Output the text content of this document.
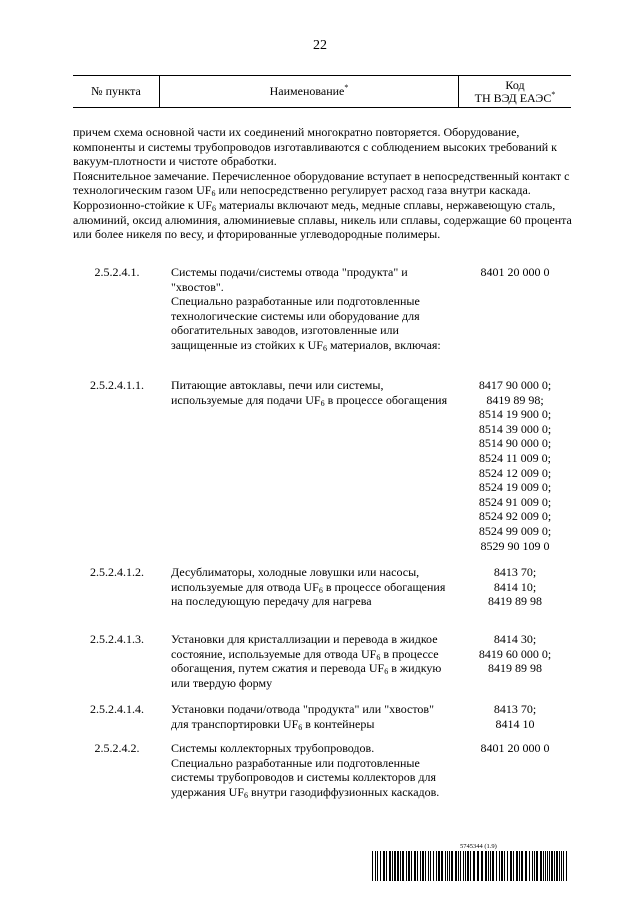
22
№ пункта	Наименование*	Код
ТН ВЭД ЕАЭС*

причем схема основной части их соединений многократно повторяется. Оборудование, компоненты и системы трубопроводов изготавливаются с соблюдением высоких требований к вакуум-плотности и чистоте обработки.

Пояснительное замечание. Перечисленное оборудование вступает в непосредственный контакт с технологическим газом $UF_6$ или непосредственно регулирует расход газа внутри каскада. Коррозионно-стойкие к $UF_6$ материалы включают медь, медные сплавы, нержавеющую сталь, алюминий, оксид алюминия, алюминиевые сплавы, никель или сплавы, содержащие 60 процента или более никеля по весу, и фторированные углеводородные полимеры.

2.5.2.4.1.	Системы подачи/системы отвода "продукта" и "хвостов".
Специально разработанные или подготовленные технологические системы или оборудование для обогатительных заводов, изготовленные или защищенные из стойких к $UF_6$ материалов, включая:
8401 20 000 0
2.5.2.4.1.1.	Питающие автоклавы, печи или системы, используемые для подачи $UF_6$ в процессе обогащения
8417 90 000 0;
8419 89 98;
8514 19 900 0;
8514 39 000 0;
8514 90 000 0;
8524 11 009 0;
8524 12 009 0;
8524 19 009 0;
8524 91 009 0;
8524 92 009 0;
8524 99 009 0;
8529 90 109 0
2.5.2.4.1.2.	Десублиматоры, холодные ловушки или насосы, используемые для отвода $UF_6$ в процессе обогащения на последующую передачу для нагрева
8413 70;
8414 10;
8419 89 98
2.5.2.4.1.3.	Установки для кристаллизации и перевода в жидкое состояние, используемые для отвода $UF_6$ в процессе обогащения, путем сжатия и перевода $UF_6$ в жидкую или твердую форму
8414 30;
8419 60 000 0;
8419 89 98
2.5.2.4.1.4.	Установки подачи/отвода "продукта" или "хвостов" для транспортировки $UF_6$ в контейнеры
8413 70;
8414 10
2.5.2.4.2.	Системы коллекторных трубопроводов.
Специально разработанные или подготовленные системы трубопроводов и системы коллекторов для удержания $UF_6$ внутри газодиффузионных каскадов.
8401 20 000 0
5745344 (1.9)
